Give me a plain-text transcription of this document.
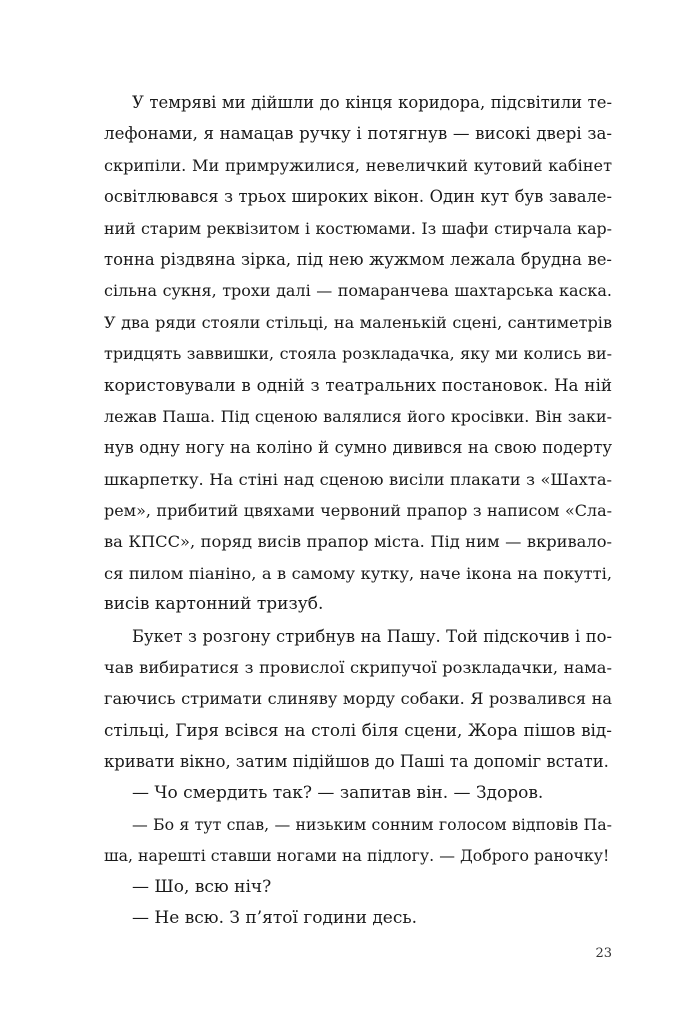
У темряві ми дійшли до кінця коридора, підсвітили те-
лефонами, я намацав ручку і потягнув — високі двері за-
скрипіли. Ми примружилися, невеличкий кутовий кабінет
освітлювався з трьох широких вікон. Один кут був завале-
ний старим реквізитом і костюмами. Із шафи стирчала кар-
тонна різдвяна зірка, під нею жужмом лежала брудна ве-
сільна сукня, трохи далі — помаранчева шахтарська каска.
У два ряди стояли стільці, на маленькій сцені, сантиметрів
тридцять заввишки, стояла розкладачка, яку ми колись ви-
користовували в одній з театральних постановок. На ній
лежав Паша. Під сценою валялися його кросівки. Він заки-
нув одну ногу на коліно й сумно дивився на свою подерту
шкарпетку. На стіні над сценою висіли плакати з «Шахта-
рем», прибитий цвяхами червоний прапор з написом «Сла-
ва КПСС», поряд висів прапор міста. Під ним — вкривало-
ся пилом піаніно, а в самому кутку, наче ікона на покутті,
висів картонний тризуб.
Букет з розгону стрибнув на Пашу. Той підскочив і по-
чав вибиратися з провислої скрипучої розкладачки, нама-
гаючись стримати слиняву морду собаки. Я розвалився на
стільці, Гиря всівся на столі біля сцени, Жора пішов від-
кривати вікно, затим підійшов до Паші та допоміг встати.
— Чо смердить так? — запитав він. — Здоров.
— Бо я тут спав, — низьким сонним голосом відповів Па-
ша, нарешті ставши ногами на підлогу. — Доброго раночку!
— Шо, всю ніч?
— Не всю. З п’ятої години десь.
23
